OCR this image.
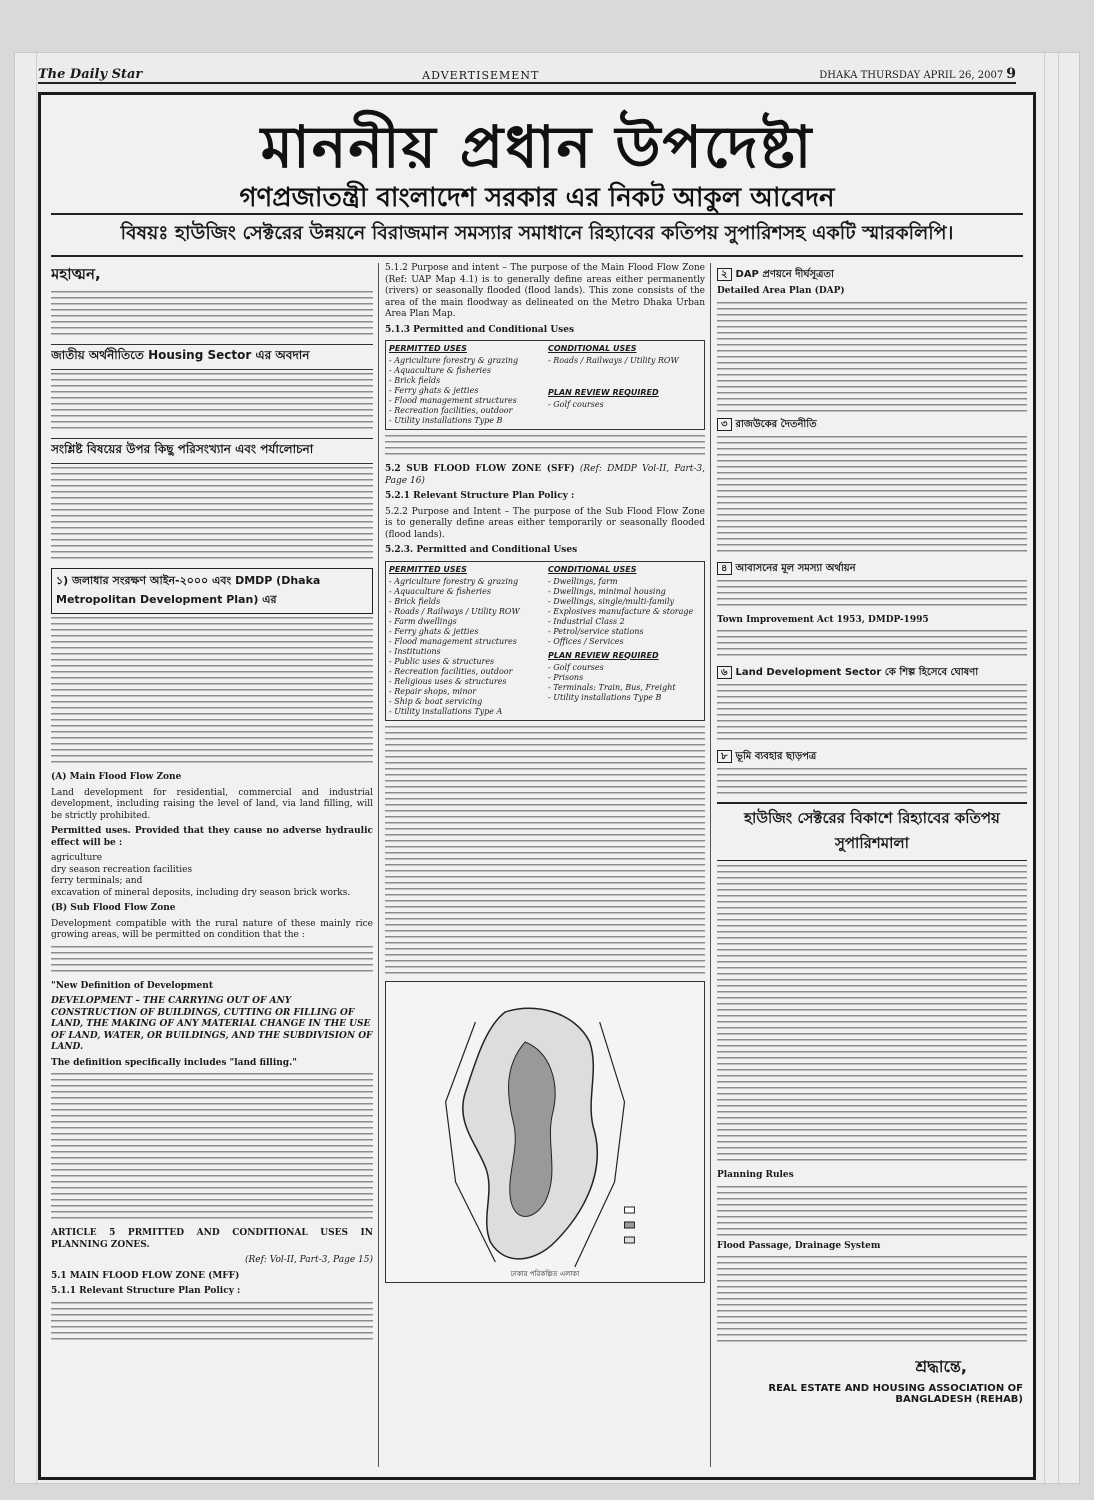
The Daily Star	ADVERTISEMENT	DHAKA THURSDAY APRIL 26, 2007 9
মাননীয় প্রধান উপদেষ্টা
গণপ্রজাতন্ত্রী বাংলাদেশ সরকার এর নিকট আকুল আবেদন
বিষয়ঃ হাউজিং সেক্টরের উন্নয়নে বিরাজমান সমস্যার সমাধানে রিহ্যাবের কতিপয় সুপারিশসহ একটি স্মারকলিপি।
মহাত্মন,
জাতীয় অর্থনীতিতে Housing Sector এর অবদান
সংশ্লিষ্ট বিষয়ের উপর কিছু পরিসংখ্যান এবং পর্যালোচনা
১) জলাধার সংরক্ষণ আইন-২০০০ এবং DMDP (Dhaka Metropolitan Development Plan) এর
(A) Main Flood Flow Zone
Land development for residential, commercial and industrial development, including raising the level of land, via land filling, will be strictly prohibited.
Permitted uses. Provided that they cause no adverse hydraulic effect will be :
agriculture
dry season recreation facilities
ferry terminals; and
excavation of mineral deposits, including dry season brick works.
(B) Sub Flood Flow Zone
Development compatible with the rural nature of these mainly rice growing areas, will be permitted on condition that the :
"New Definition of Development
DEVELOPMENT – THE CARRYING OUT OF ANY CONSTRUCTION OF BUILDINGS, CUTTING OR FILLING OF LAND, THE MAKING OF ANY MATERIAL CHANGE IN THE USE OF LAND, WATER, OR BUILDINGS, AND THE SUBDIVISION OF LAND.
The definition specifically includes "land filling."
ARTICLE 5 PRMITTED AND CONDITIONAL USES IN PLANNING ZONES.
(Ref: Vol-II, Part-3, Page 15)
5.1 MAIN FLOOD FLOW ZONE (MFF)
5.1.1 Relevant Structure Plan Policy :
5.1.2 Purpose and intent – The purpose of the Main Flood Flow Zone (Ref: UAP Map 4.1) is to generally define areas either permanently (rivers) or seasonally flooded (flood lands). This zone consists of the area of the main floodway as delineated on the Metro Dhaka Urban Area Plan Map.
5.1.3 Permitted and Conditional Uses
PERMITTED USES
- Agriculture forestry & grazing
- Aquaculture & fisheries
- Brick fields
- Ferry ghats & jetties
- Flood management structures
- Recreation facilities, outdoor
- Utility installations Type B
CONDITIONAL USES
- Roads / Railways / Utility ROW
PLAN REVIEW REQUIRED
- Golf courses
5.2 SUB FLOOD FLOW ZONE (SFF) (Ref: DMDP Vol-II, Part-3, Page 16)
5.2.1 Relevant Structure Plan Policy :
5.2.2 Purpose and Intent – The purpose of the Sub Flood Flow Zone is to generally define areas either temporarily or seasonally flooded (flood lands).
5.2.3. Permitted and Conditional Uses
PERMITTED USES
- Agriculture forestry & grazing
- Aquaculture & fisheries
- Brick fields
- Roads / Railways / Utility ROW
- Farm dwellings
- Ferry ghats & jetties
- Flood management structures
- Institutions
- Public uses & structures
- Recreation facilities, outdoor
- Religious uses & structures
- Repair shops, minor
- Ship & boat servicing
- Utility installations Type A
CONDITIONAL USES
- Dwellings, farm
- Dwellings, minimal housing
- Dwellings, single/multi-family
- Explosives manufacture & storage
- Industrial Class 2
- Petrol/service stations
- Offices / Services
PLAN REVIEW REQUIRED
- Golf courses
- Prisons
- Terminals: Train, Bus, Freight
- Utility installations Type B
ঢাকার পরিকল্পিত এলাকা
২ DAP প্রণয়নে দীর্ঘসূত্রতা
Detailed Area Plan (DAP)
৩ রাজউকের দৈতনীতি
৪ আবাসনের মূল সমস্যা অর্থায়ন
Town Improvement Act 1953, DMDP-1995
৬ Land Development Sector কে শিল্প হিসেবে ঘোষণা
৮ ভূমি ব্যবহার ছাড়পত্র
হাউজিং সেক্টরের বিকাশে রিহ্যাবের কতিপয় সুপারিশমালা
Planning Rules
Flood Passage, Drainage System
শ্রদ্ধান্তে,
REAL ESTATE AND HOUSING ASSOCIATION OF BANGLADESH (REHAB)
